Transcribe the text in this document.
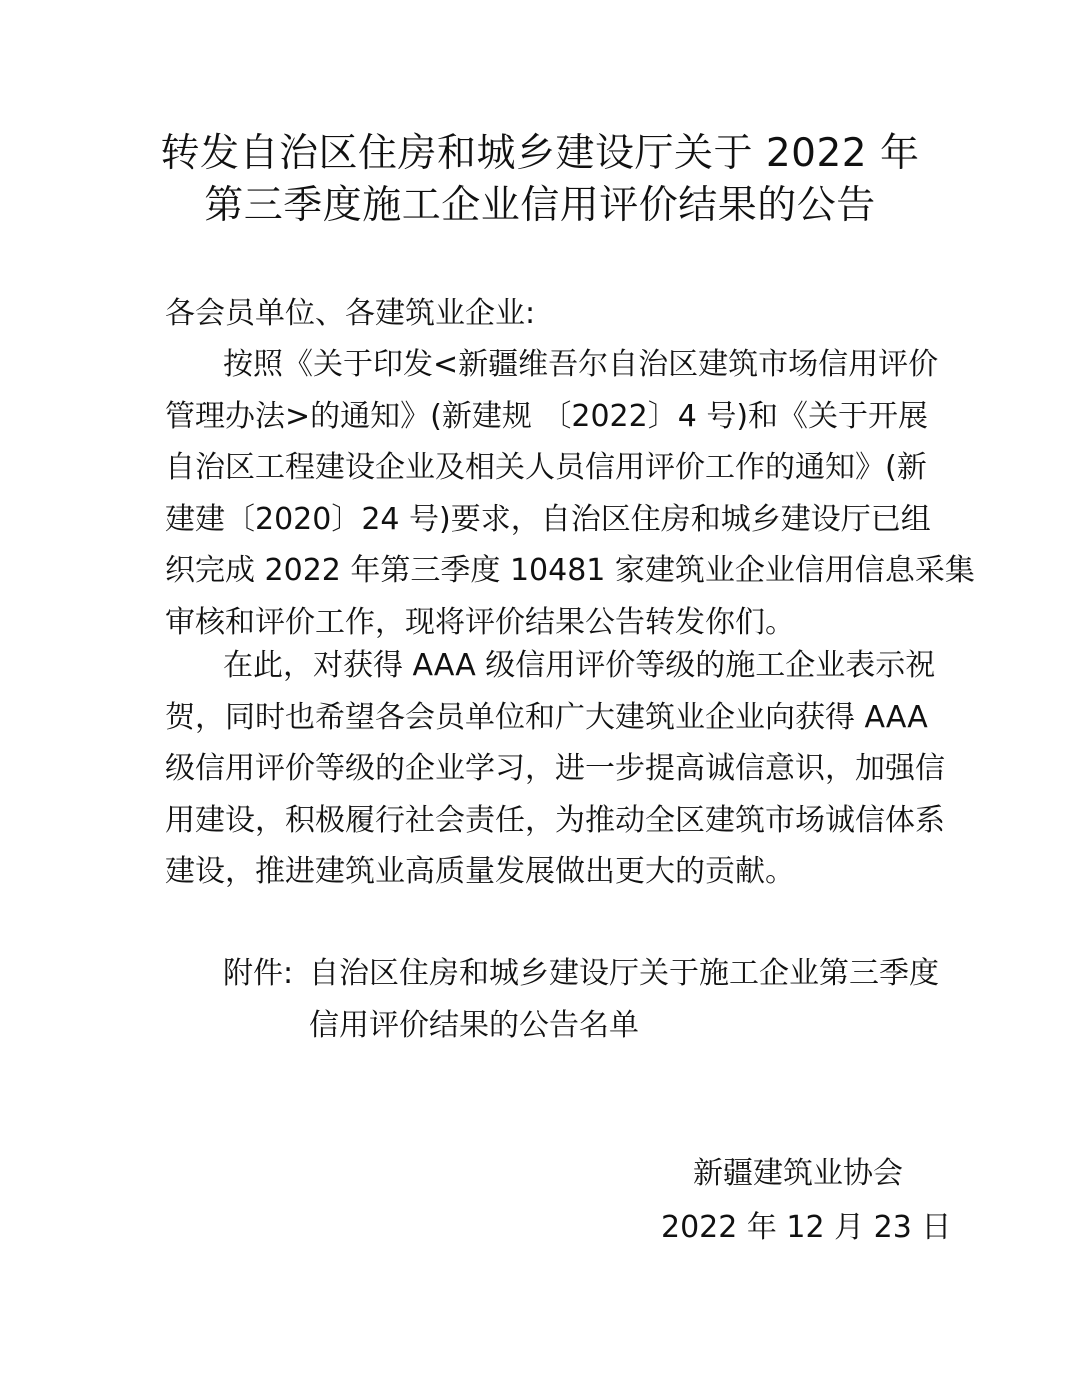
转发自治区住房和城乡建设厅关于 2022 年
第三季度施工企业信用评价结果的公告
各会员单位、各建筑业企业:

按照《关于印发<新疆维吾尔自治区建筑市场信用评价
管理办法>的通知》(新建规 〔2022〕4 号)和《关于开展
自治区工程建设企业及相关人员信用评价工作的通知》(新
建建〔2020〕24 号)要求，自治区住房和城乡建设厅已组
织完成 2022 年第三季度 10481 家建筑业企业信用信息采集
审核和评价工作，现将评价结果公告转发你们。

在此，对获得 AAA 级信用评价等级的施工企业表示祝
贺，同时也希望各会员单位和广大建筑业企业向获得 AAA
级信用评价等级的企业学习，进一步提高诚信意识，加强信
用建设，积极履行社会责任，为推动全区建筑市场诚信体系
建设，推进建筑业高质量发展做出更大的贡献。

附件: 自治区住房和城乡建设厅关于施工企业第三季度
信用评价结果的公告名单
新疆建筑业协会
2022 年 12 月 23 日
